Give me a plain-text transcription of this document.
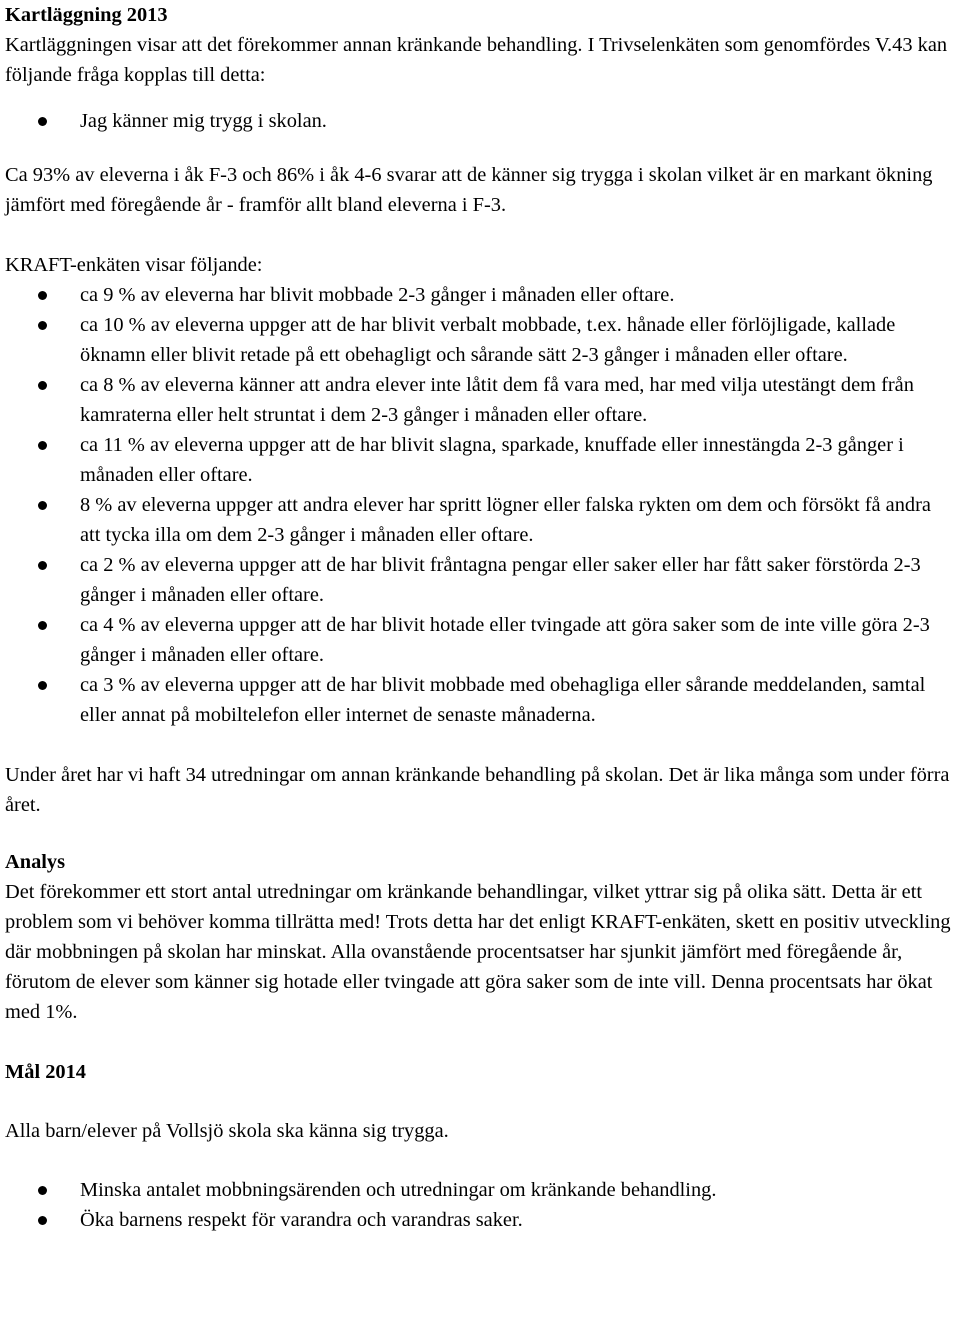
Kartläggning 2013

Kartläggningen visar att det förekommer annan kränkande behandling. I Trivselenkäten som genomfördes V.43 kan följande fråga kopplas till detta:

Jag känner mig trygg i skolan.

Ca 93% av eleverna i åk F-3 och 86% i åk 4-6 svarar att de känner sig trygga i skolan vilket är en markant ökning jämfört med föregående år - framför allt bland eleverna i F-3.

KRAFT-enkäten visar följande:

ca 9 % av eleverna har blivit mobbade 2-3 gånger i månaden eller oftare.
ca 10 % av eleverna uppger att de har blivit verbalt mobbade, t.ex. hånade eller förlöjligade, kallade öknamn eller blivit retade på ett obehagligt och sårande sätt 2-3 gånger i månaden eller oftare.
ca 8 % av eleverna känner att andra elever inte låtit dem få vara med, har med vilja utestängt dem från kamraterna eller helt struntat i dem 2-3 gånger i månaden eller oftare.
ca 11 % av eleverna uppger att de har blivit slagna, sparkade, knuffade eller innestängda 2-3 gånger i månaden eller oftare.
8 % av eleverna uppger att andra elever har spritt lögner eller falska rykten om dem och försökt få andra att tycka illa om dem 2-3 gånger i månaden eller oftare.
ca 2 % av eleverna uppger att de har blivit fråntagna pengar eller saker eller har fått saker förstörda 2-3 gånger i månaden eller oftare.
ca 4 % av eleverna uppger att de har blivit hotade eller tvingade att göra saker som de inte ville göra 2-3 gånger i månaden eller oftare.
ca 3 % av eleverna uppger att de har blivit mobbade med obehagliga eller sårande meddelanden, samtal eller annat på mobiltelefon eller internet de senaste månaderna.

Under året har vi haft 34 utredningar om annan kränkande behandling på skolan. Det är lika många som under förra året.

Analys

Det förekommer ett stort antal utredningar om kränkande behandlingar, vilket yttrar sig på olika sätt. Detta är ett problem som vi behöver komma tillrätta med! Trots detta har det enligt KRAFT-enkäten, skett en positiv utveckling där mobbningen på skolan har minskat. Alla ovanstående procentsatser har sjunkit jämfört med föregående år, förutom de elever som känner sig hotade eller tvingade att göra saker som de inte vill. Denna procentsats har ökat med 1%.

Mål 2014

Alla barn/elever på Vollsjö skola ska känna sig trygga.

Minska antalet mobbningsärenden och utredningar om kränkande behandling.
Öka barnens respekt för varandra och varandras saker.
